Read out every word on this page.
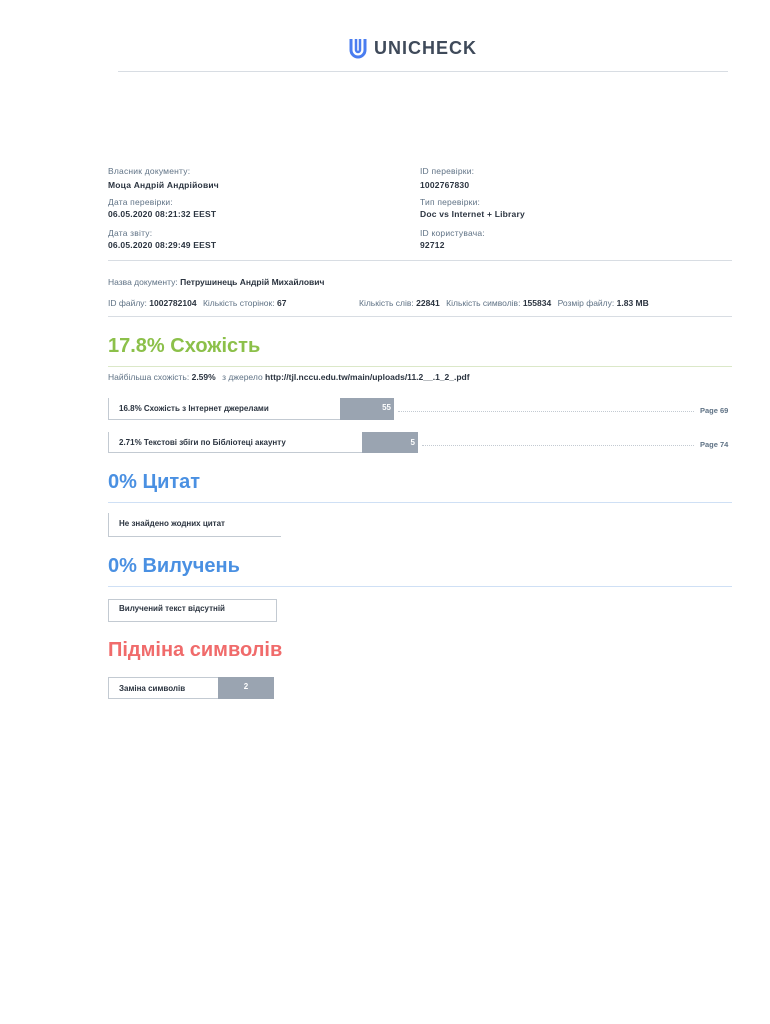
UNICHECK
Власник документу:
Моца Андрій Андрійович
Дата перевірки:
06.05.2020 08:21:32 EEST
Дата звіту:
06.05.2020 08:29:49 EEST
ID перевірки:
1002767830
Тип перевірки:
Doc vs Internet + Library
ID користувача:
92712
Назва документу: Петрушинець Андрій Михайлович
ID файлу: 1002782104 Кількість сторінок: 67	Кількість слів: 22841 Кількість символів: 155834 Розмір файлу: 1.83 MB
17.8% Схожість
Найбільша схожість: 2.59% з джерело http://tjl.nccu.edu.tw/main/uploads/11.2__.1_2_.pdf
16.8% Схожість з Інтернет джерелами	55	Page 69
2.71% Текстові збіги по Бібліотеці акаунту	5	Page 74
0% Цитат
Не знайдено жодних цитат
0% Вилучень
Вилучений текст відсутній
Підміна символів
Заміна символів	2
